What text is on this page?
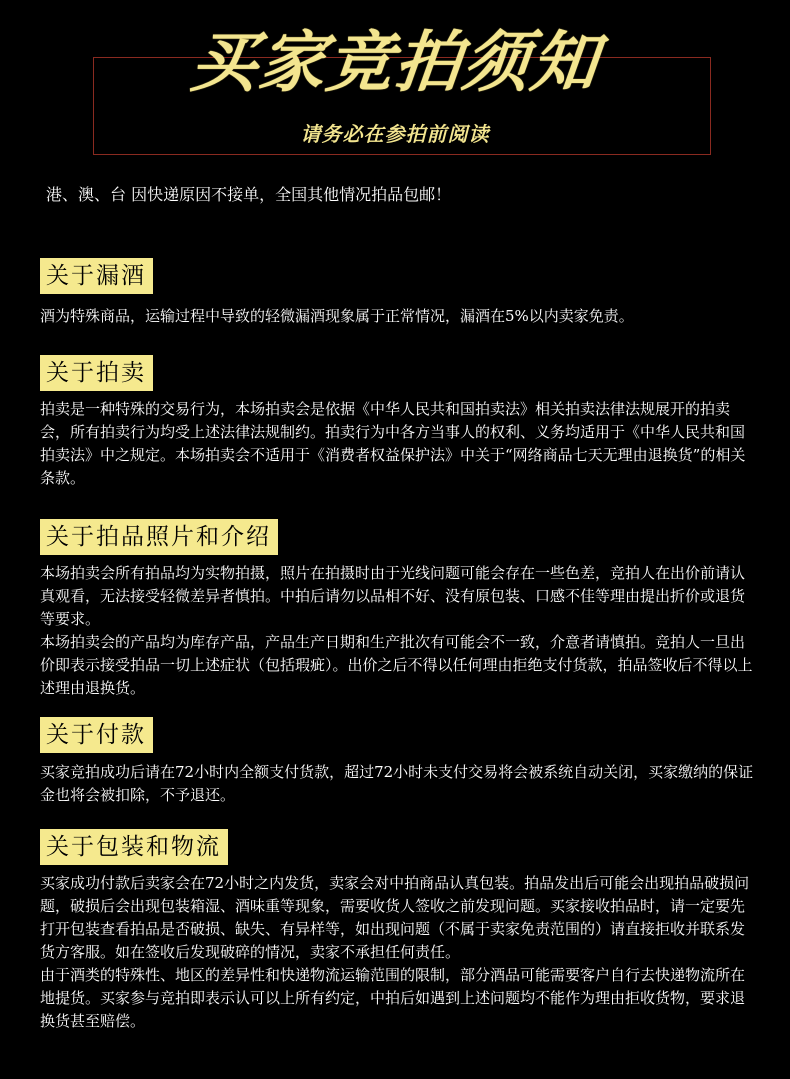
买家竞拍须知
请务必在参拍前阅读
港、澳、台 因快递原因不接单，全国其他情况拍品包邮！
关于漏酒

酒为特殊商品，运输过程中导致的轻微漏酒现象属于正常情况，漏酒在5%以内卖家免责。

关于拍卖

拍卖是一种特殊的交易行为，本场拍卖会是依据《中华人民共和国拍卖法》相关拍卖法律法规展开的拍卖会，所有拍卖行为均受上述法律法规制约。拍卖行为中各方当事人的权利、义务均适用于《中华人民共和国拍卖法》中之规定。本场拍卖会不适用于《消费者权益保护法》中关于“网络商品七天无理由退换货”的相关条款。

关于拍品照片和介绍

本场拍卖会所有拍品均为实物拍摄，照片在拍摄时由于光线问题可能会存在一些色差，竞拍人在出价前请认真观看，无法接受轻微差异者慎拍。中拍后请勿以品相不好、没有原包装、口感不佳等理由提出折价或退货等要求。

本场拍卖会的产品均为库存产品，产品生产日期和生产批次有可能会不一致，介意者请慎拍。竞拍人一旦出价即表示接受拍品一切上述症状（包括瑕疵）。出价之后不得以任何理由拒绝支付货款，拍品签收后不得以上述理由退换货。

关于付款

买家竞拍成功后请在72小时内全额支付货款，超过72小时未支付交易将会被系统自动关闭，买家缴纳的保证金也将会被扣除，不予退还。

关于包装和物流

买家成功付款后卖家会在72小时之内发货，卖家会对中拍商品认真包装。拍品发出后可能会出现拍品破损问题，破损后会出现包装箱湿、酒味重等现象，需要收货人签收之前发现问题。买家接收拍品时，请一定要先打开包装查看拍品是否破损、缺失、有异样等，如出现问题（不属于卖家免责范围的）请直接拒收并联系发货方客服。如在签收后发现破碎的情况，卖家不承担任何责任。

由于酒类的特殊性、地区的差异性和快递物流运输范围的限制，部分酒品可能需要客户自行去快递物流所在地提货。买家参与竞拍即表示认可以上所有约定，中拍后如遇到上述问题均不能作为理由拒收货物，要求退换货甚至赔偿。
